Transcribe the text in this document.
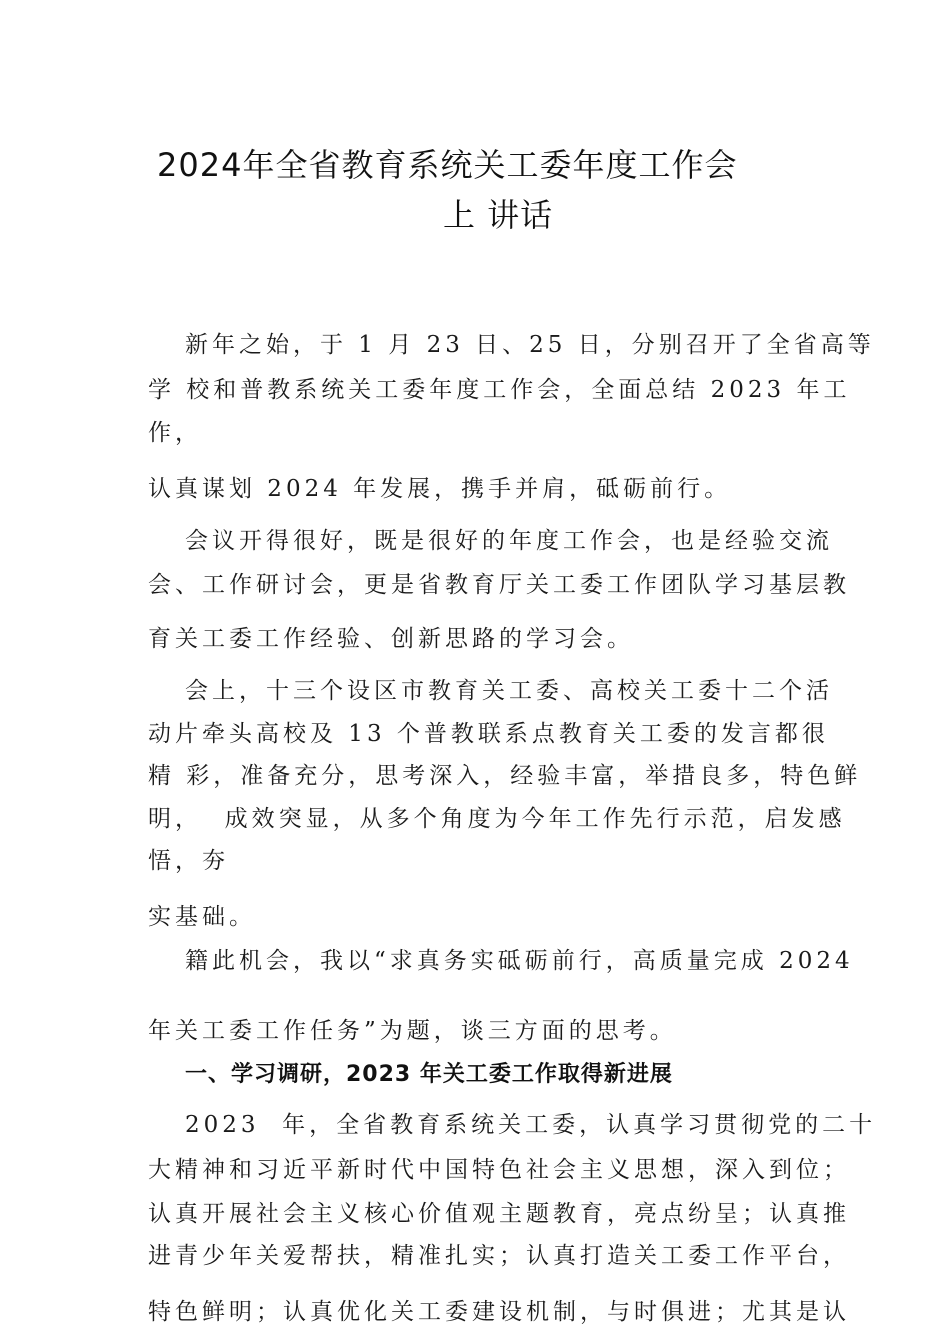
2024年全省教育系统关工委年度工作会
上 讲话
新年之始，于 1 月 23 日、25 日，分别召开了全省高等
学 校和普教系统关工委年度工作会，全面总结 2023 年工
作，
认真谋划 2024 年发展，携手并肩，砥砺前行。
会议开得很好，既是很好的年度工作会，也是经验交流
会、工作研讨会，更是省教育厅关工委工作团队学习基层教
育关工委工作经验、创新思路的学习会。
会上，十三个设区市教育关工委、高校关工委十二个活
动片牵头高校及 13 个普教联系点教育关工委的发言都很
精 彩，准备充分，思考深入，经验丰富，举措良多，特色鲜
明，  成效突显，从多个角度为今年工作先行示范，启发感
悟，夯
实基础。
籍此机会，我以“求真务实砥砺前行，高质量完成 2024
年关工委工作任务”为题，谈三方面的思考。
一、学习调研，2023 年关工委工作取得新进展
2023  年，全省教育系统关工委，认真学习贯彻党的二十
大精神和习近平新时代中国特色社会主义思想，深入到位；
认真开展社会主义核心价值观主题教育，亮点纷呈；认真推
进青少年关爱帮扶，精准扎实；认真打造关工委工作平台，
特色鲜明；认真优化关工委建设机制，与时俱进；尤其是认
